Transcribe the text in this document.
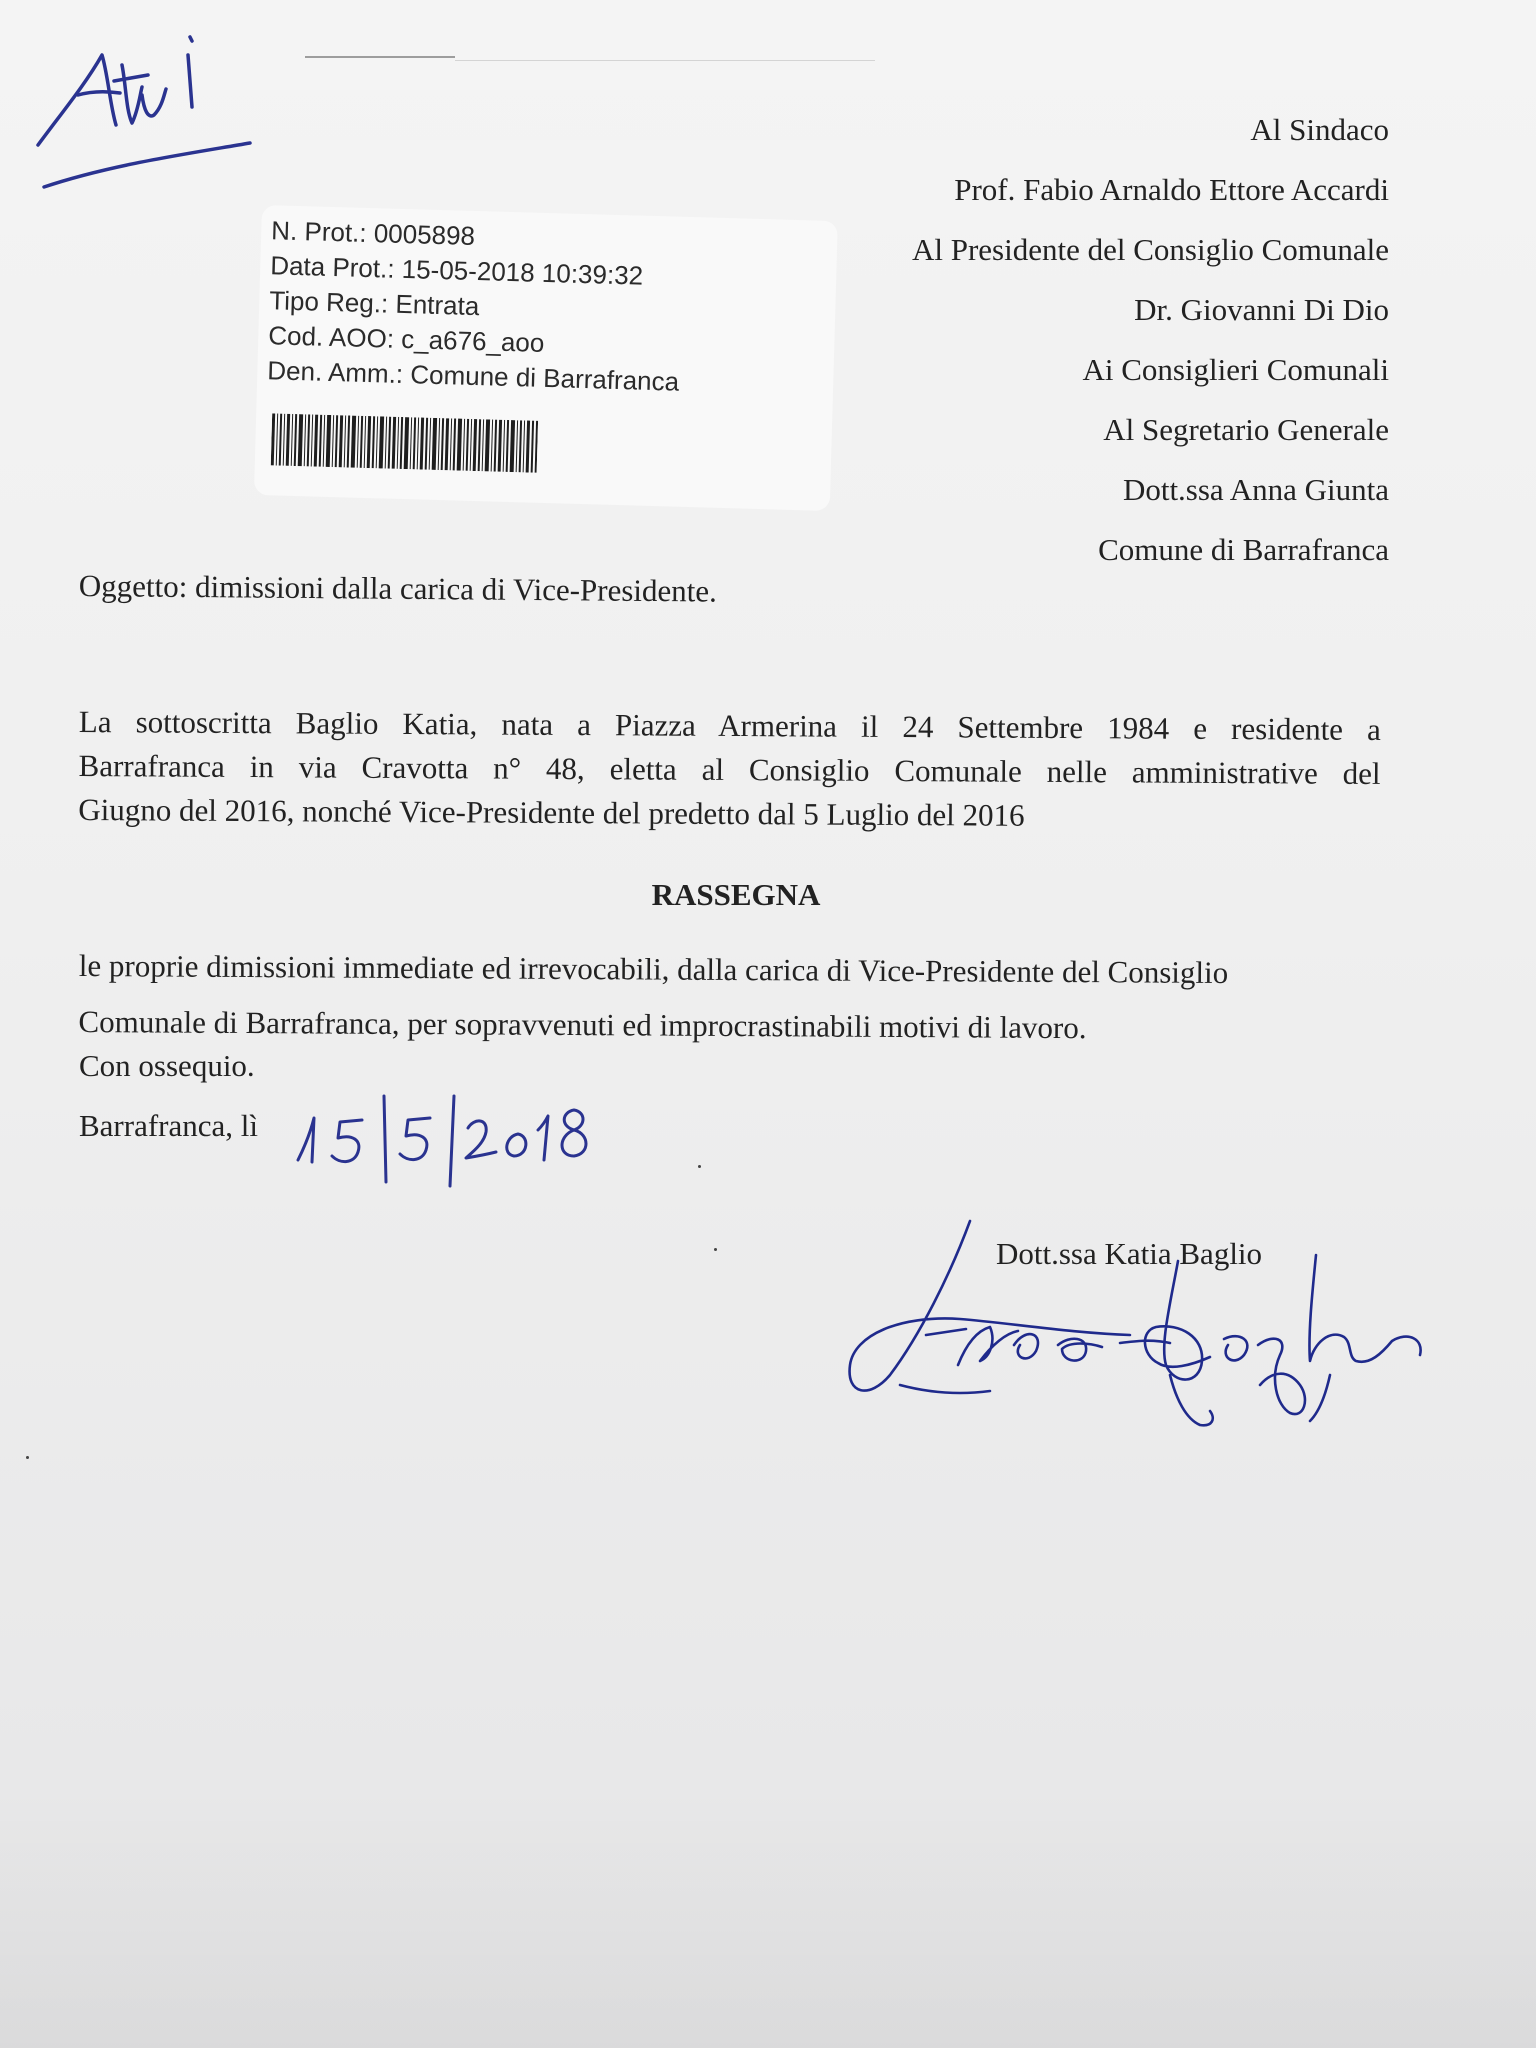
N. Prot.: 0005898
Data Prot.: 15-05-2018 10:39:32
Tipo Reg.: Entrata
Cod. AOO: c_a676_aoo
Den. Amm.: Comune di Barrafranca
Al Sindaco
Prof. Fabio Arnaldo Ettore Accardi
Al Presidente del Consiglio Comunale
Dr. Giovanni Di Dio
Ai Consiglieri Comunali
Al Segretario Generale
Dott.ssa Anna Giunta
Comune di Barrafranca
Oggetto: dimissioni dalla carica di Vice-Presidente.
La sottoscritta Baglio Katia, nata a Piazza Armerina il 24 Settembre 1984 e residente a
Barrafranca in via Cravotta n° 48, eletta al Consiglio Comunale nelle amministrative del
Giugno del 2016, nonché Vice-Presidente del predetto dal 5 Luglio del 2016
RASSEGNA
le proprie dimissioni immediate ed irrevocabili, dalla carica di Vice-Presidente del Consiglio
Comunale di Barrafranca, per sopravvenuti ed improcrastinabili motivi di lavoro.
Con ossequio.
Barrafranca, lì
Dott.ssa Katia Baglio
